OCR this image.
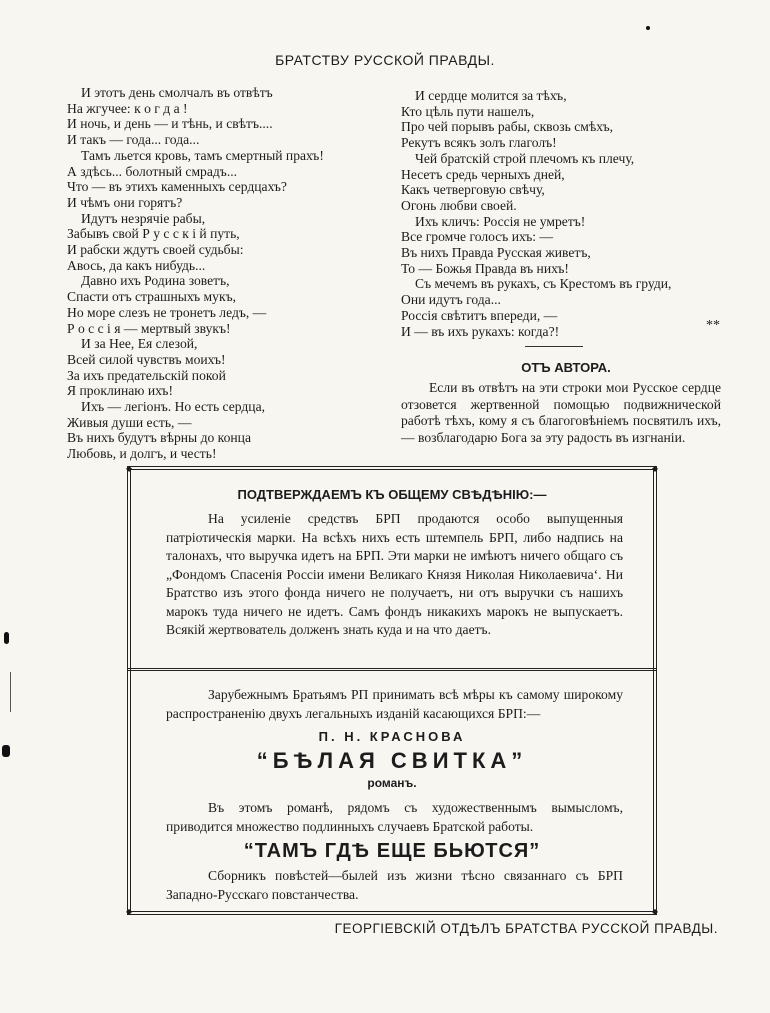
БРАТСТВУ РУССКОЙ ПРАВДЫ.
И этотъ день смолчалъ въ отвѣтъ
На жгучее: к о г д а !
И ночь, и день — и тѣнь, и свѣтъ....
И такъ — года... года...
Тамъ льется кровь, тамъ смертный прахъ!
А здѣсь... болотный смрадъ...
Что — въ этихъ каменныхъ сердцахъ?
И чѣмъ они горятъ?
Идутъ незрячіе рабы,
Забывъ свой Р у с с к і й путь,
И рабски ждутъ своей судьбы:
Авось, да какъ нибудь...
Давно ихъ Родина зоветъ,
Спасти отъ страшныхъ мукъ,
Но море слезъ не тронетъ ледъ, —
Р о с с і я — мертвый звукъ!
И за Нее, Ея слезой,
Всей силой чувствъ моихъ!
За ихъ предательскій покой
Я проклинаю ихъ!
Ихъ — легіонъ. Но есть сердца,
Живыя души есть, —
Въ нихъ будутъ вѣрны до конца
Любовь, и долгъ, и честь!
И сердце молится за тѣхъ,
Кто цѣль пути нашелъ,
Про чей порывъ рабы, сквозь смѣхъ,
Рекутъ всякъ золъ глаголъ!
Чей братскій строй плечомъ къ плечу,
Несетъ средь черныхъ дней,
Какъ четверговую свѣчу,
Огонь любви своей.
Ихъ кличъ: Россія не умретъ!
Все громче голосъ ихъ: —
Въ нихъ Правда Русская живетъ,
То — Божья Правда въ нихъ!
Съ мечемъ въ рукахъ, съ Крестомъ въ груди,
Они идутъ года...
Россія свѣтитъ впереди, —
И — въ ихъ рукахъ: когда?!	**
ОТЪ АВТОРА.
Если въ отвѣтъ на эти строки мои Русское сердце отзовется жертвенной помощью подвижнической работѣ тѣхъ, кому я съ благоговѣніемъ посвятилъ ихъ, — возблагодарю Бога за эту радость въ изгнаніи.
◆	◆
◆	◆
ПОДТВЕРЖДАЕМЪ КЪ ОБЩЕМУ СВѢДѢНІЮ:—
На усиленіе средствъ БРП продаются особо выпущенныя патріотическія марки. На всѣхъ нихъ есть штемпель БРП, либо надпись на талонахъ, что выручка идетъ на БРП. Эти марки не имѣютъ ничего общаго съ „Фондомъ Спасенія Россіи имени Великаго Князя Николая Николаевича‘. Ни Братство изъ этого фонда ничего не получаетъ, ни отъ выручки съ нашихъ марокъ туда ничего не идетъ. Самъ фондъ никакихъ марокъ не выпускаетъ. Всякій жертвователь долженъ знать куда и на что даетъ.
Зарубежнымъ Братьямъ РП принимать всѣ мѣры къ самому широкому распространенію двухъ легальныхъ изданій касающихся БРП:—
П. Н. КРАСНОВА
“БѢЛАЯ СВИТКА”
романъ.
Въ этомъ романѣ, рядомъ съ художественнымъ вымысломъ, приводится множество подлинныхъ случаевъ Братской работы.
“ТАМЪ ГДѢ ЕЩЕ БЬЮТСЯ”
Сборникъ повѣстей—былей изъ жизни тѣсно связаннаго съ БРП Западно-Русскаго повстанчества.
ГЕОРГІЕВСКІЙ ОТДѢЛЪ БРАТСТВА РУССКОЙ ПРАВДЫ.
